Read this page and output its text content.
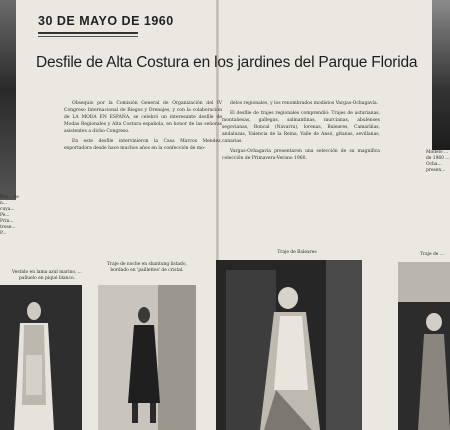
30 DE MAYO DE 1960
Desfile de Alta Costura en los jardines del Parque Florida

Obsequio por la Comisión General de Organización del IV Congreso Internacional de Riegos y Drenajes, y con la colaboración de LA MODA EN ESPAÑA, se celebró un interesante desfile de Modas Regionales y Alta Costura española, en honor de las señoras asistentes a dicho Congreso.

En este desfile intervinieron la Casa Marcos Mendez, exportadora desde hace muchos años en la confección de mo-

delos regionales, y los renombrados modistos Vargas-Ochagavía.

El desfile de trajes regionales comprendió: Trajes de asturianas, montañesas, gallegas, salmantinas, murcianas, abulenses segovianas, Roncal (Navarra), lorenas, Baleares, Camariñas, andaluzas, Valencia de la Reina, Valle de Ansó, gitanas, sevillanas, canarias.

Vargas-Ochagavía presentaron una selección de su magnífica colección de Primavera-Verano 1960.

Fra... de n... cuya... Pe... Prin... trese... P...
Modelo ... de 1960 ... Ocha... presen...
Vestido en lama azul marino, ... pañuelo en piqué blanco.
Traje de noche en shantung listado, bordado en 'paillettes' de cristal.
Traje de Baleares	Traje de ...
